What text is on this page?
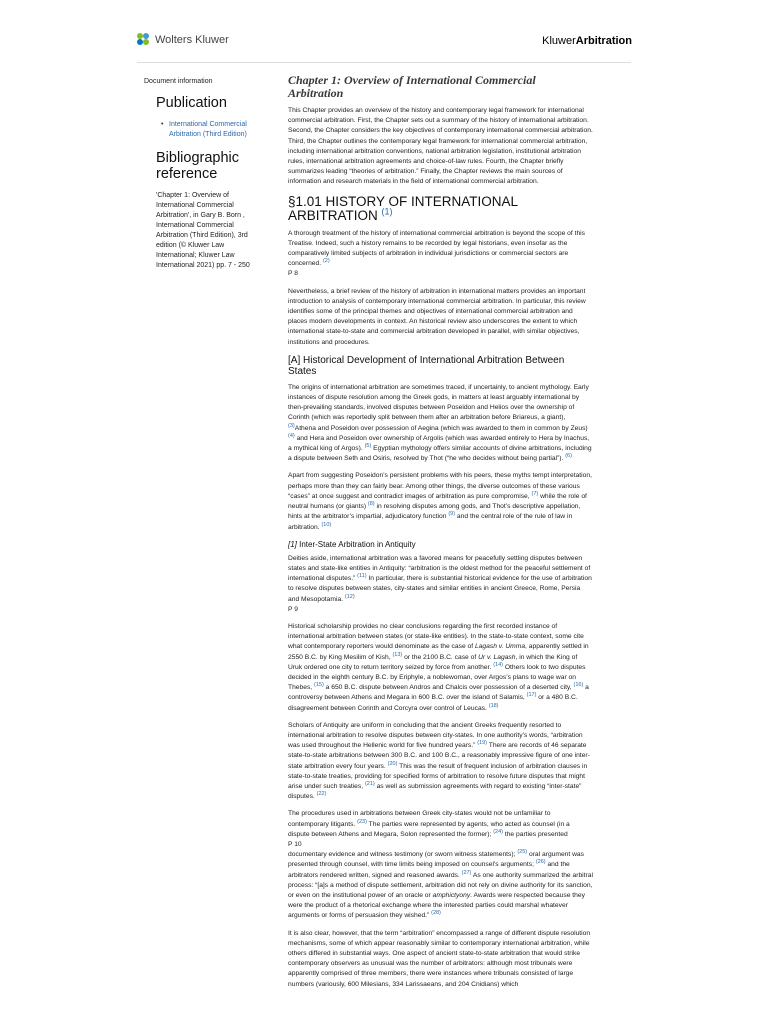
Wolters Kluwer	KluwerArbitration
Document information
Publication
• International Commercial Arbitration (Third Edition)
Bibliographic reference
'Chapter 1: Overview of International Commercial Arbitration', in Gary B. Born , International Commercial Arbitration (Third Edition), 3rd edition (© Kluwer Law International; Kluwer Law International 2021) pp. 7 - 250
Chapter 1: Overview of International Commercial Arbitration

This Chapter provides an overview of the history and contemporary legal framework for international commercial arbitration. First, the Chapter sets out a summary of the history of international arbitration. Second, the Chapter considers the key objectives of contemporary international commercial arbitration. Third, the Chapter outlines the contemporary legal framework for international commercial arbitration, including international arbitration conventions, national arbitration legislation, institutional arbitration rules, international arbitration agreements and choice-of-law rules. Fourth, the Chapter briefly summarizes leading “theories of arbitration.” Finally, the Chapter reviews the main sources of information and research materials in the field of international commercial arbitration.

§1.01 HISTORY OF INTERNATIONAL ARBITRATION $^{(1)}$

A thorough treatment of the history of international commercial arbitration is beyond the scope of this Treatise. Indeed, such a history remains to be recorded by legal historians, even insofar as the comparatively limited subjects of arbitration in individual jurisdictions or commercial sectors are concerned. $^{(2)}$
P 8

Nevertheless, a brief review of the history of arbitration in international matters provides an important introduction to analysis of contemporary international commercial arbitration. In particular, this review identifies some of the principal themes and objectives of international commercial arbitration and places modern developments in context. An historical review also underscores the extent to which international state-to-state and commercial arbitration developed in parallel, with similar objectives, institutions and procedures.

[A] Historical Development of International Arbitration Between States

The origins of international arbitration are sometimes traced, if uncertainly, to ancient mythology. Early instances of dispute resolution among the Greek gods, in matters at least arguably international by then-prevailing standards, involved disputes between Poseidon and Helios over the ownership of Corinth (which was reportedly split between them after an arbitration before Briareus, a giant), $^{(3)}$Athena and Poseidon over possession of Aegina (which was awarded to them in common by Zeus) $^{(4)}$ and Hera and Poseidon over ownership of Argolis (which was awarded entirely to Hera by Inachus, a mythical king of Argos). $^{(5)}$ Egyptian mythology offers similar accounts of divine arbitrations, including a dispute between Seth and Osiris, resolved by Thot (“he who decides without being partial”). $^{(6)}$

Apart from suggesting Poseidon’s persistent problems with his peers, these myths tempt interpretation, perhaps more than they can fairly bear. Among other things, the diverse outcomes of these various “cases” at once suggest and contradict images of arbitration as pure compromise, $^{(7)}$ while the role of neutral humans (or giants) $^{(8)}$ in resolving disputes among gods, and Thot’s descriptive appellation, hints at the arbitrator’s impartial, adjudicatory function $^{(9)}$ and the central role of the rule of law in arbitration. $^{(10)}$

[1] Inter-State Arbitration in Antiquity

Deities aside, international arbitration was a favored means for peacefully settling disputes between states and state-like entities in Antiquity: “arbitration is the oldest method for the peaceful settlement of international disputes.” $^{(11)}$ In particular, there is substantial historical evidence for the use of arbitration to resolve disputes between states, city-states and similar entities in ancient Greece, Rome, Persia and Mesopotamia. $^{(12)}$
P 9

Historical scholarship provides no clear conclusions regarding the first recorded instance of international arbitration between states (or state-like entities). In the state-to-state context, some cite what contemporary reporters would denominate as the case of Lagash v. Umma, apparently settled in 2550 B.C. by King Mesilim of Kish, $^{(13)}$ or the 2100 B.C. case of Ur v. Lagash, in which the King of Uruk ordered one city to return territory seized by force from another. $^{(14)}$ Others look to two disputes decided in the eighth century B.C. by Eriphyle, a noblewoman, over Argos’s plans to wage war on Thebes, $^{(15)}$ a 650 B.C. dispute between Andros and Chalcis over possession of a deserted city, $^{(16)}$ a controversy between Athens and Megara in 600 B.C. over the island of Salamis, $^{(17)}$ or a 480 B.C. disagreement between Corinth and Corcyra over control of Leucas. $^{(18)}$

Scholars of Antiquity are uniform in concluding that the ancient Greeks frequently resorted to international arbitration to resolve disputes between city-states. In one authority’s words, “arbitration was used throughout the Hellenic world for five hundred years.” $^{(19)}$ There are records of 46 separate state-to-state arbitrations between 300 B.C. and 100 B.C., a reasonably impressive figure of one inter-state arbitration every four years. $^{(20)}$ This was the result of frequent inclusion of arbitration clauses in state-to-state treaties, providing for specified forms of arbitration to resolve future disputes that might arise under such treaties, $^{(21)}$ as well as submission agreements with regard to existing “inter-state” disputes. $^{(22)}$

The procedures used in arbitrations between Greek city-states would not be unfamiliar to contemporary litigants. $^{(23)}$ The parties were represented by agents, who acted as counsel (in a dispute between Athens and Megara, Solon represented the former); $^{(24)}$ the parties presented
P 10
documentary evidence and witness testimony (or sworn witness statements); $^{(25)}$ oral argument was presented through counsel, with time limits being imposed on counsel’s arguments; $^{(26)}$ and the arbitrators rendered written, signed and reasoned awards. $^{(27)}$ As one authority summarized the arbitral process: “[a]s a method of dispute settlement, arbitration did not rely on divine authority for its sanction, or even on the institutional power of an oracle or amphictyony. Awards were respected because they were the product of a rhetorical exchange where the interested parties could marshal whatever arguments or forms of persuasion they wished.” $^{(28)}$

It is also clear, however, that the term “arbitration” encompassed a range of different dispute resolution mechanisms, some of which appear reasonably similar to contemporary international arbitration, while others differed in substantial ways. One aspect of ancient state-to-state arbitration that would strike contemporary observers as unusual was the number of arbitrators: although most tribunals were apparently comprised of three members, there were instances where tribunals consisted of large numbers (variously, 600 Milesians, 334 Larissaeans, and 204 Cnidians) which
